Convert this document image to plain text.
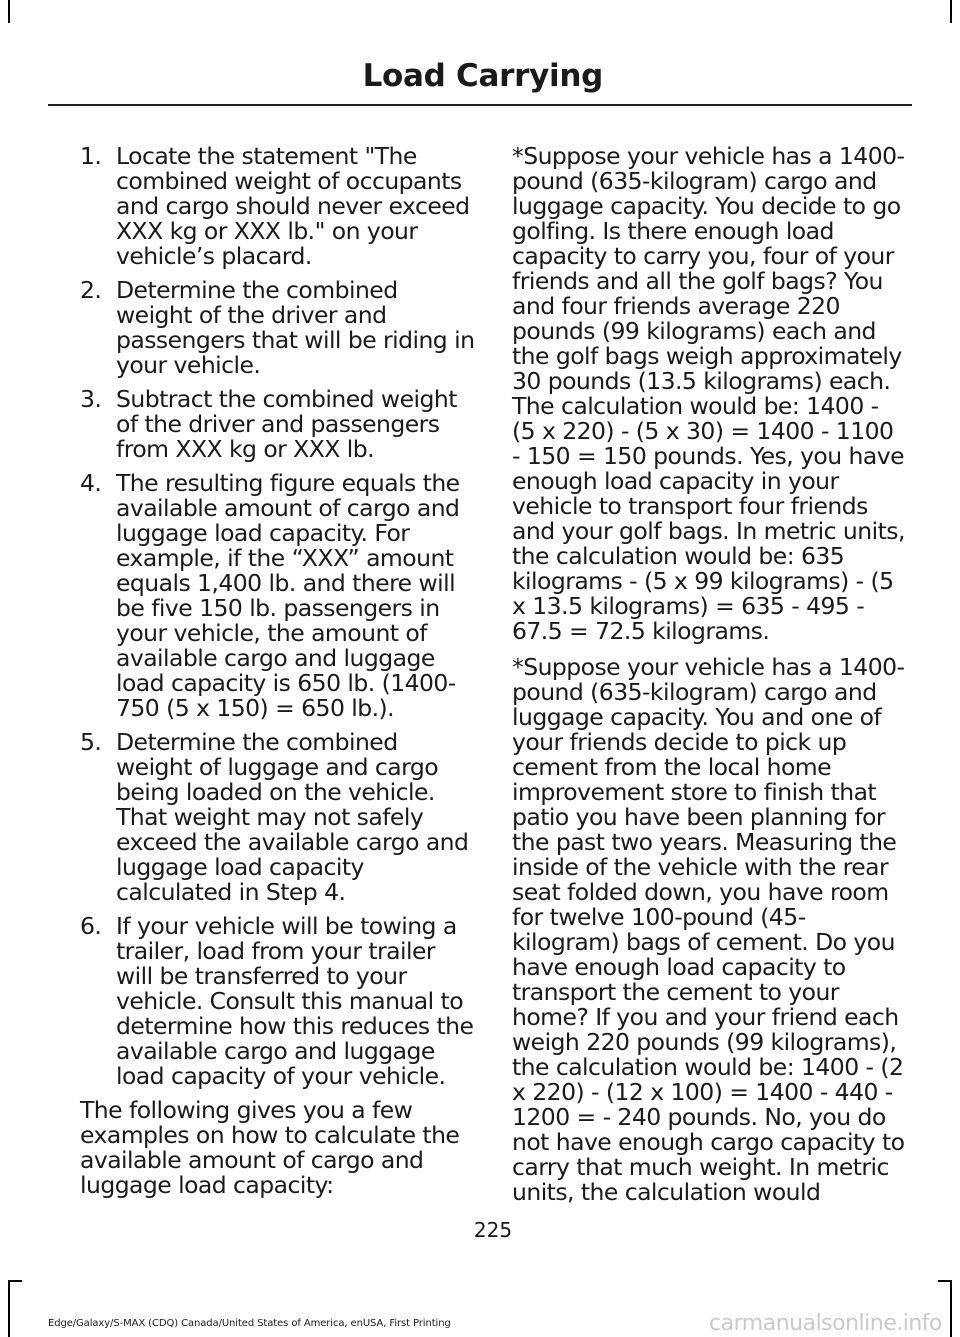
Load Carrying
1. Locate the statement "The combined weight of occupants and cargo should never exceed XXX kg or XXX lb." on your vehicle’s placard.
2. Determine the combined weight of the driver and passengers that will be riding in your vehicle.
3. Subtract the combined weight of the driver and passengers from XXX kg or XXX lb.
4. The resulting figure equals the available amount of cargo and luggage load capacity. For example, if the “XXX” amount equals 1,400 lb. and there will be five 150 lb. passengers in your vehicle, the amount of available cargo and luggage load capacity is 650 lb. (1400-750 (5 x 150) = 650 lb.).
5. Determine the combined weight of luggage and cargo being loaded on the vehicle. That weight may not safely exceed the available cargo and luggage load capacity calculated in Step 4.
6. If your vehicle will be towing a trailer, load from your trailer will be transferred to your vehicle. Consult this manual to determine how this reduces the available cargo and luggage load capacity of your vehicle.

The following gives you a few examples on how to calculate the available amount of cargo and luggage load capacity:

*Suppose your vehicle has a 1400-pound (635-kilogram) cargo and luggage capacity. You decide to go golfing. Is there enough load capacity to carry you, four of your friends and all the golf bags? You and four friends average 220 pounds (99 kilograms) each and the golf bags weigh approximately 30 pounds (13.5 kilograms) each. The calculation would be: 1400 - (5 x 220) - (5 x 30) = 1400 - 1100 - 150 = 150 pounds. Yes, you have enough load capacity in your vehicle to transport four friends and your golf bags. In metric units, the calculation would be: 635 kilograms - (5 x 99 kilograms) - (5 x 13.5 kilograms) = 635 - 495 - 67.5 = 72.5 kilograms.

*Suppose your vehicle has a 1400-pound (635-kilogram) cargo and luggage capacity. You and one of your friends decide to pick up cement from the local home improvement store to finish that patio you have been planning for the past two years. Measuring the inside of the vehicle with the rear seat folded down, you have room for twelve 100-pound (45-kilogram) bags of cement. Do you have enough load capacity to transport the cement to your home? If you and your friend each weigh 220 pounds (99 kilograms), the calculation would be: 1400 - (2 x 220) - (12 x 100) = 1400 - 440 - 1200 = - 240 pounds. No, you do not have enough cargo capacity to carry that much weight. In metric units, the calculation would

225
Edge/Galaxy/S-MAX (CDQ) Canada/United States of America, enUSA, First Printing	carmanualsonline.info
